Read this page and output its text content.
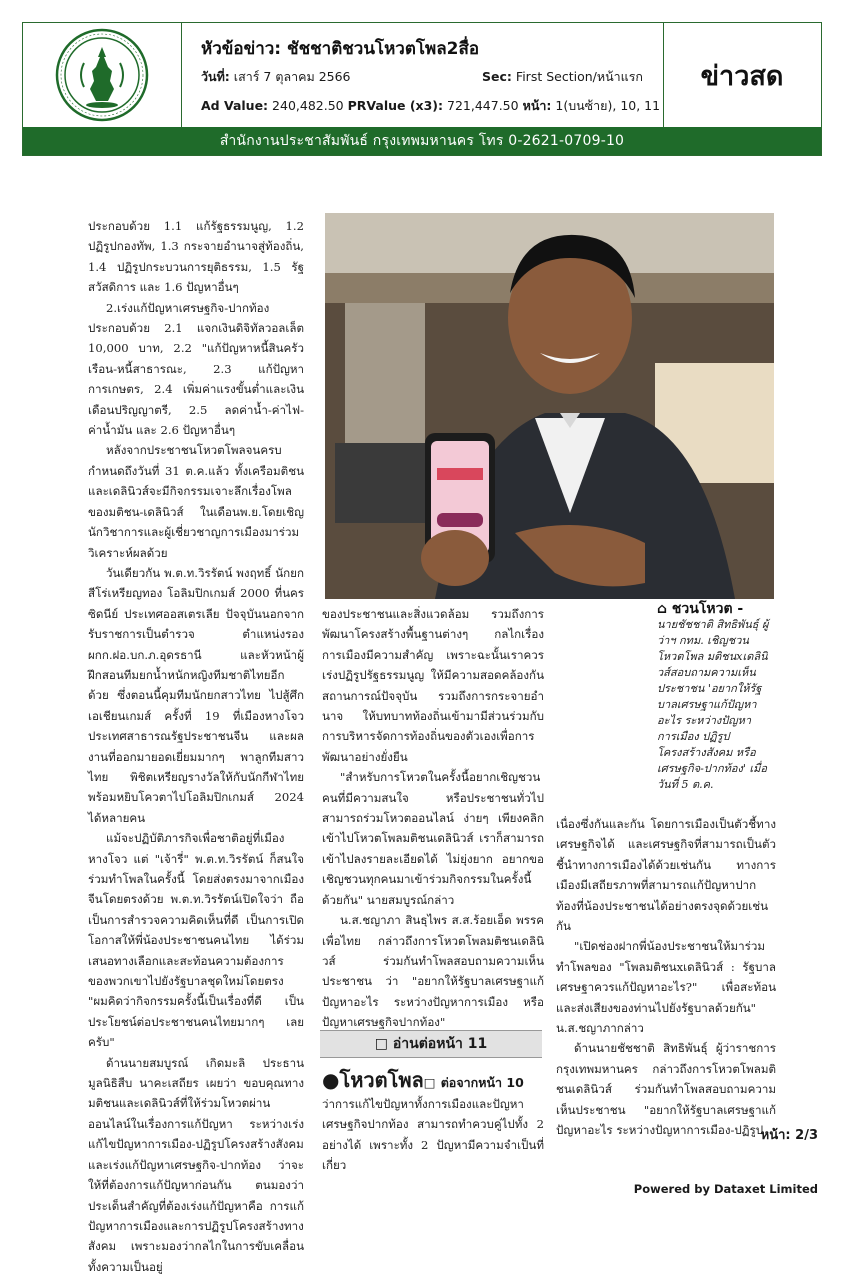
หัวข้อข่าว: ชัชชาติชวนโหวตโพล2สื่อ
วันที่: เสาร์ 7 ตุลาคม 2566	Sec: First Section/หน้าแรก
Ad Value: 240,482.50 PRValue (x3): 721,447.50 หน้า: 1(บนซ้าย), 10, 11
ข่าวสด
สำนักงานประชาสัมพันธ์ กรุงเทพมหานคร โทร 0-2621-0709-10

ประกอบด้วย 1.1 แก้รัฐธรรมนูญ, 1.2 ปฏิรูปกองทัพ, 1.3 กระจายอำนาจสู่ท้องถิ่น, 1.4 ปฏิรูปกระบวนการยุติธรรม, 1.5 รัฐสวัสดิการ และ 1.6 ปัญหาอื่นๆ

2.เร่งแก้ปัญหาเศรษฐกิจ-ปากท้อง ประกอบด้วย 2.1 แจกเงินดิจิทัลวอลเล็ต 10,000 บาท, 2.2 "แก้ปัญหาหนี้สินครัวเรือน-หนี้สาธารณะ, 2.3 แก้ปัญหาการเกษตร, 2.4 เพิ่มค่าแรงขั้นต่ำและเงินเดือนปริญญาตรี, 2.5 ลดค่าน้ำ-ค่าไฟ-ค่าน้ำมัน และ 2.6 ปัญหาอื่นๆ

หลังจากประชาชนโหวตโพลจนครบกำหนดถึงวันที่ 31 ต.ค.แล้ว ทั้งเครือมติชนและเดลินิวส์จะมีกิจกรรมเจาะลึกเรื่องโพลของมติชน-เดลินิวส์ ในเดือนพ.ย.โดยเชิญนักวิชาการและผู้เชี่ยวชาญการเมืองมาร่วมวิเคราะห์ผลด้วย

วันเดียวกัน พ.ต.ท.วิรรัตน์ พงฤทธิ์ นักยกสีโร่เหรียญทอง โอลิมปิกเกมส์ 2000 ที่นครซิดนีย์ ประเทศออสเตรเลีย ปัจจุบันนอกจากรับราชการเป็นตำรวจ ตำแหน่งรองผกก.ฝอ.บก.ภ.อุดรธานี และหัวหน้าผู้ฝึกสอนทีมยกน้ำหนักหญิงทีมชาติไทยอีกด้วย ซึ่งตอนนี้คุมทีมนักยกสาวไทย ไปสู้ศึกเอเชียนเกมส์ ครั้งที่ 19 ที่เมืองหางโจว ประเทศสาธารณรัฐประชาชนจีน และผลงานที่ออกมายอดเยี่ยมมากๆ พาลูกทีมสาวไทย พิชิตเหรียญรางวัลให้กับนักกีฬาไทย พร้อมหยิบโควตาไปโอลิมปิกเกมส์ 2024 ได้หลายคน

แม้จะปฏิบัติภารกิจเพื่อชาติอยู่ที่เมืองหางโจว แต่ "เจ้ารี่" พ.ต.ท.วิรรัตน์ ก็สนใจร่วมทำโพลในครั้งนี้ โดยส่งตรงมาจากเมืองจีนโดยตรงด้วย พ.ต.ท.วิรรัตน์เปิดใจว่า ถือเป็นการสำรวจความคิดเห็นที่ดี เป็นการเปิดโอกาสให้พี่น้องประชาชนคนไทย ได้ร่วมเสนอทางเลือกและสะท้อนความต้องการของพวกเขาไปยังรัฐบาลชุดใหม่โดยตรง "ผมคิดว่ากิจกรรมครั้งนี้เป็นเรื่องที่ดี เป็นประโยชน์ต่อประชาชนคนไทยมากๆ เลยครับ"

ด้านนายสมบูรณ์ เกิดมะลิ ประธานมูลนิธิสืบ นาคะเสถียร เผยว่า ขอบคุณทางมติชนและเดลินิวส์ที่ให้ร่วมโหวตผ่านออนไลน์ในเรื่องการแก้ปัญหา ระหว่างเร่งแก้ไขปัญหาการเมือง-ปฏิรูปโครงสร้างสังคม และเร่งแก้ปัญหาเศรษฐกิจ-ปากท้อง ว่าจะให้ที่ต้องการแก้ปัญหาก่อนกัน ตนมองว่าประเด็นสำคัญที่ต้องเร่งแก้ปัญหาคือ การแก้ปัญหาการเมืองและการปฏิรูปโครงสร้างทางสังคม เพราะมองว่ากลไกในการขับเคลื่อน ทั้งความเป็นอยู่

⌂ ชวนโหวต -
นายชัชชาติ สิทธิพันธุ์ ผู้ว่าฯ กทม. เชิญชวนโหวตโพล มติชนxเดลินิวส์สอบถามความเห็นประชาชน 'อยากให้รัฐบาลเศรษฐาแก้ปัญหาอะไร ระหว่างปัญหาการเมือง ปฏิรูปโครงสร้างสังคม หรือเศรษฐกิจ-ปากท้อง' เมื่อวันที่ 5 ต.ค.

ของประชาชนและสิ่งแวดล้อม รวมถึงการพัฒนาโครงสร้างพื้นฐานต่างๆ กลไกเรื่องการเมืองมีความสำคัญ เพราะฉะนั้นเราควรเร่งปฏิรูปรัฐธรรมนูญ ให้มีความสอดคล้องกันสถานการณ์ปัจจุบัน รวมถึงการกระจายอำนาจ ให้บทบาทท้องถิ่นเข้ามามีส่วนร่วมกับการบริหารจัดการท้องถิ่นของตัวเองเพื่อการพัฒนาอย่างยั่งยืน

"สำหรับการโหวตในครั้งนี้อยากเชิญชวนคนที่มีความสนใจ หรือประชาชนทั่วไปสามารถร่วมโหวตออนไลน์ ง่ายๆ เพียงคลิกเข้าไปโหวตโพลมติชนเดลินิวส์ เราก็สามารถเข้าไปลงรายละเอียดได้ ไม่ยุ่งยาก อยากขอเชิญชวนทุกคนมาเข้าร่วมกิจกรรมในครั้งนี้ด้วยกัน" นายสมบูรณ์กล่าว

น.ส.ชญาภา สินธุไพร ส.ส.ร้อยเอ็ด พรรคเพื่อไทย กล่าวถึงการโหวตโพลมติชนเดลินิวส์ ร่วมกันทำโพลสอบถามความเห็นประชาชน ว่า "อยากให้รัฐบาลเศรษฐาแก้ปัญหาอะไร ระหว่างปัญหาการเมือง หรือ ปัญหาเศรษฐกิจปากท้อง"

□ อ่านต่อหน้า 11
●โหวตโพล□ ต่อจากหน้า 10

ว่าการแก้ไขปัญหาทั้งการเมืองและปัญหาเศรษฐกิจปากท้อง สามารถทำควบคู่ไปทั้ง 2 อย่างได้ เพราะทั้ง 2 ปัญหามีความจำเป็นที่เกี่ยว

เนื่องซึ่งกันและกัน โดยการเมืองเป็นตัวชี้ทางเศรษฐกิจได้ และเศรษฐกิจที่สามารถเป็นตัวชี้นำทางการเมืองได้ด้วยเช่นกัน ทางการเมืองมีเสถียรภาพที่สามารถแก้ปัญหาปากท้องที่น้องประชาชนได้อย่างตรงจุดด้วยเช่นกัน

"เปิดช่องฝากพี่น้องประชาชนให้มาร่วมทำโพลของ "โพลมติชนxเดลินิวส์ : รัฐบาลเศรษฐาควรแก้ปัญหาอะไร?" เพื่อสะท้อนและส่งเสียงของท่านไปยังรัฐบาลด้วยกัน" น.ส.ชญาภากล่าว

ด้านนายชัชชาติ สิทธิพันธุ์ ผู้ว่าราชการกรุงเทพมหานคร กล่าวถึงการโหวตโพลมติชนเดลินิวส์ ร่วมกันทำโพลสอบถามความเห็นประชาชน "อยากให้รัฐบาลเศรษฐาแก้ปัญหาอะไร ระหว่างปัญหาการเมือง-ปฏิรูป

หน้า: 2/3
Powered by Dataxet Limited
